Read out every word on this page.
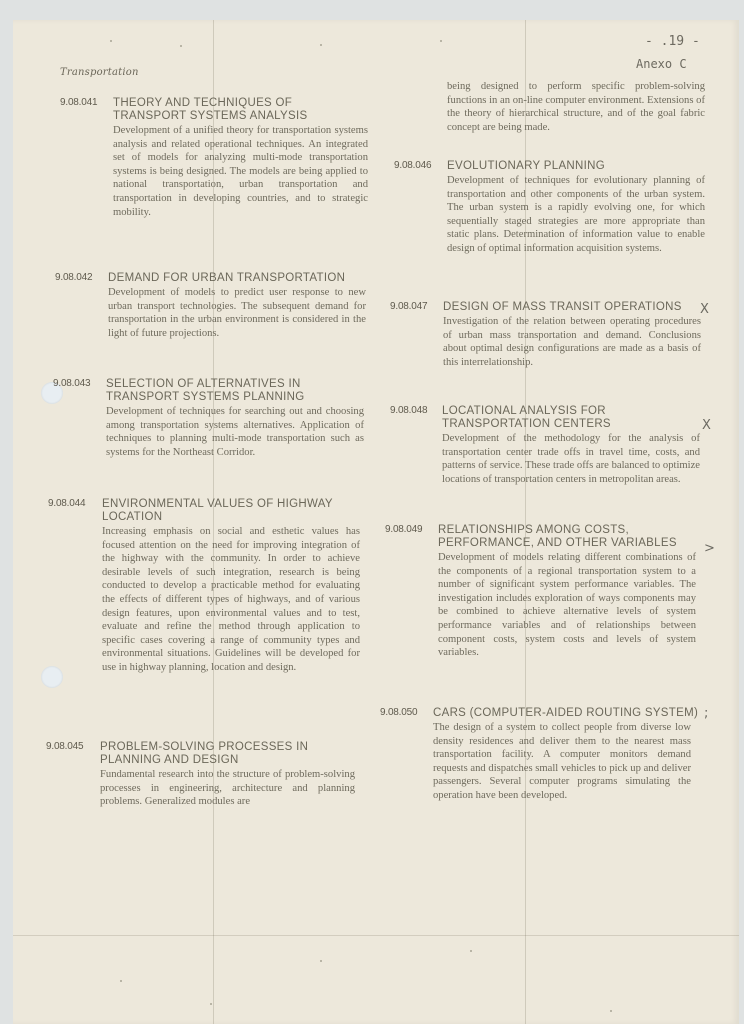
Transportation
- .19 -
Anexo C
9.08.041 THEORY AND TECHNIQUES OF TRANSPORT SYSTEMS ANALYSIS
Development of a unified theory for transportation systems analysis and related operational techniques. An integrated set of models for analyzing multi-mode transportation systems is being designed. The models are being applied to national transportation, urban transportation and transportation in developing countries, and to strategic mobility.
9.08.042 DEMAND FOR URBAN TRANSPORTATION
Development of models to predict user response to new urban transport technologies. The subsequent demand for transportation in the urban environment is considered in the light of future projections.
9.08.043 SELECTION OF ALTERNATIVES IN TRANSPORT SYSTEMS PLANNING
Development of techniques for searching out and choosing among transportation systems alternatives. Application of techniques to planning multi-mode transportation such as systems for the Northeast Corridor.
9.08.044 ENVIRONMENTAL VALUES OF HIGHWAY LOCATION
Increasing emphasis on social and esthetic values has focused attention on the need for improving integration of the highway with the community. In order to achieve desirable levels of such integration, research is being conducted to develop a practicable method for evaluating the effects of different types of highways, and of various design features, upon environmental values and to test, evaluate and refine the method through application to specific cases covering a range of community types and environmental situations. Guidelines will be developed for use in highway planning, location and design.
9.08.045 PROBLEM-SOLVING PROCESSES IN PLANNING AND DESIGN
Fundamental research into the structure of problem-solving processes in engineering, architecture and planning problems. Generalized modules are
being designed to perform specific problem-solving functions in an on-line computer environment. Extensions of the theory of hierarchical structure, and of the goal fabric concept are being made.
9.08.046 EVOLUTIONARY PLANNING
Development of techniques for evolutionary planning of transportation and other components of the urban system. The urban system is a rapidly evolving one, for which sequentially staged strategies are more appropriate than static plans. Determination of information value to enable design of optimal information acquisition systems.
9.08.047 DESIGN OF MASS TRANSIT OPERATIONS
Investigation of the relation between operating procedures of urban mass transportation and demand. Conclusions about optimal design configurations are made as a basis of this interrelationship.
X
9.08.048 LOCATIONAL ANALYSIS FOR TRANSPORTATION CENTERS
Development of the methodology for the analysis of transportation center trade offs in travel time, costs, and patterns of service. These trade offs are balanced to optimize locations of transportation centers in metropolitan areas.
X
9.08.049 RELATIONSHIPS AMONG COSTS, PERFORMANCE, AND OTHER VARIABLES
Development of models relating different combinations of the components of a regional transportation system to a number of significant system performance variables. The investigation includes exploration of ways components may be combined to achieve alternative levels of system performance variables and of relationships between component costs, system costs and levels of system variables.
>
9.08.050 CARS (COMPUTER-AIDED ROUTING SYSTEM)
The design of a system to collect people from diverse low density residences and deliver them to the nearest mass transportation facility. A computer monitors demand requests and dispatches small vehicles to pick up and deliver passengers. Several computer programs simulating the operation have been developed.
;
